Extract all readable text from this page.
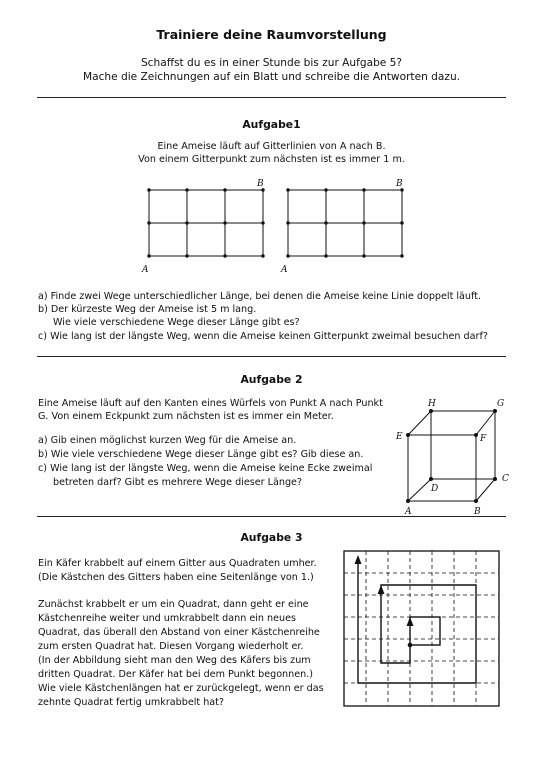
Trainiere deine Raumvorstellung
Schaffst du es in einer Stunde bis zur Aufgabe 5?
Mache die Zeichnungen auf ein Blatt und schreibe die Antworten dazu.
Aufgabe1
Eine Ameise läuft auf Gitterlinien von A nach B.
Von einem Gitterpunkt zum nächsten ist es immer 1 m.
A
B
A
B
a) Finde zwei Wege unterschiedlicher Länge, bei denen die Ameise keine Linie doppelt läuft.
b) Der kürzeste Weg der Ameise ist 5 m lang.
Wie viele verschiedene Wege dieser Länge gibt es?
c) Wie lang ist der längste Weg, wenn die Ameise keinen Gitterpunkt zweimal besuchen darf?
Aufgabe 2
Eine Ameise läuft auf den Kanten eines Würfels von Punkt A nach Punkt
G. Von einem Eckpunkt zum nächsten ist es immer ein Meter.
a) Gib einen möglichst kurzen Weg für die Ameise an.
b) Wie viele verschiedene Wege dieser Länge gibt es? Gib diese an.
c) Wie lang ist der längste Weg, wenn die Ameise keine Ecke zweimal
betreten darf? Gibt es mehrere Wege dieser Länge?
A	B
C
D
E	F
G
H
Aufgabe 3
Ein Käfer krabbelt auf einem Gitter aus Quadraten umher.
(Die Kästchen des Gitters haben eine Seitenlänge von 1.)
Zunächst krabbelt er um ein Quadrat, dann geht er eine
Kästchenreihe weiter und umkrabbelt dann ein neues
Quadrat, das überall den Abstand von einer Kästchenreihe
zum ersten Quadrat hat. Diesen Vorgang wiederholt er.
(In der Abbildung sieht man den Weg des Käfers bis zum
dritten Quadrat. Der Käfer hat bei dem Punkt begonnen.)
Wie viele Kästchenlängen hat er zurückgelegt, wenn er das
zehnte Quadrat fertig umkrabbelt hat?
